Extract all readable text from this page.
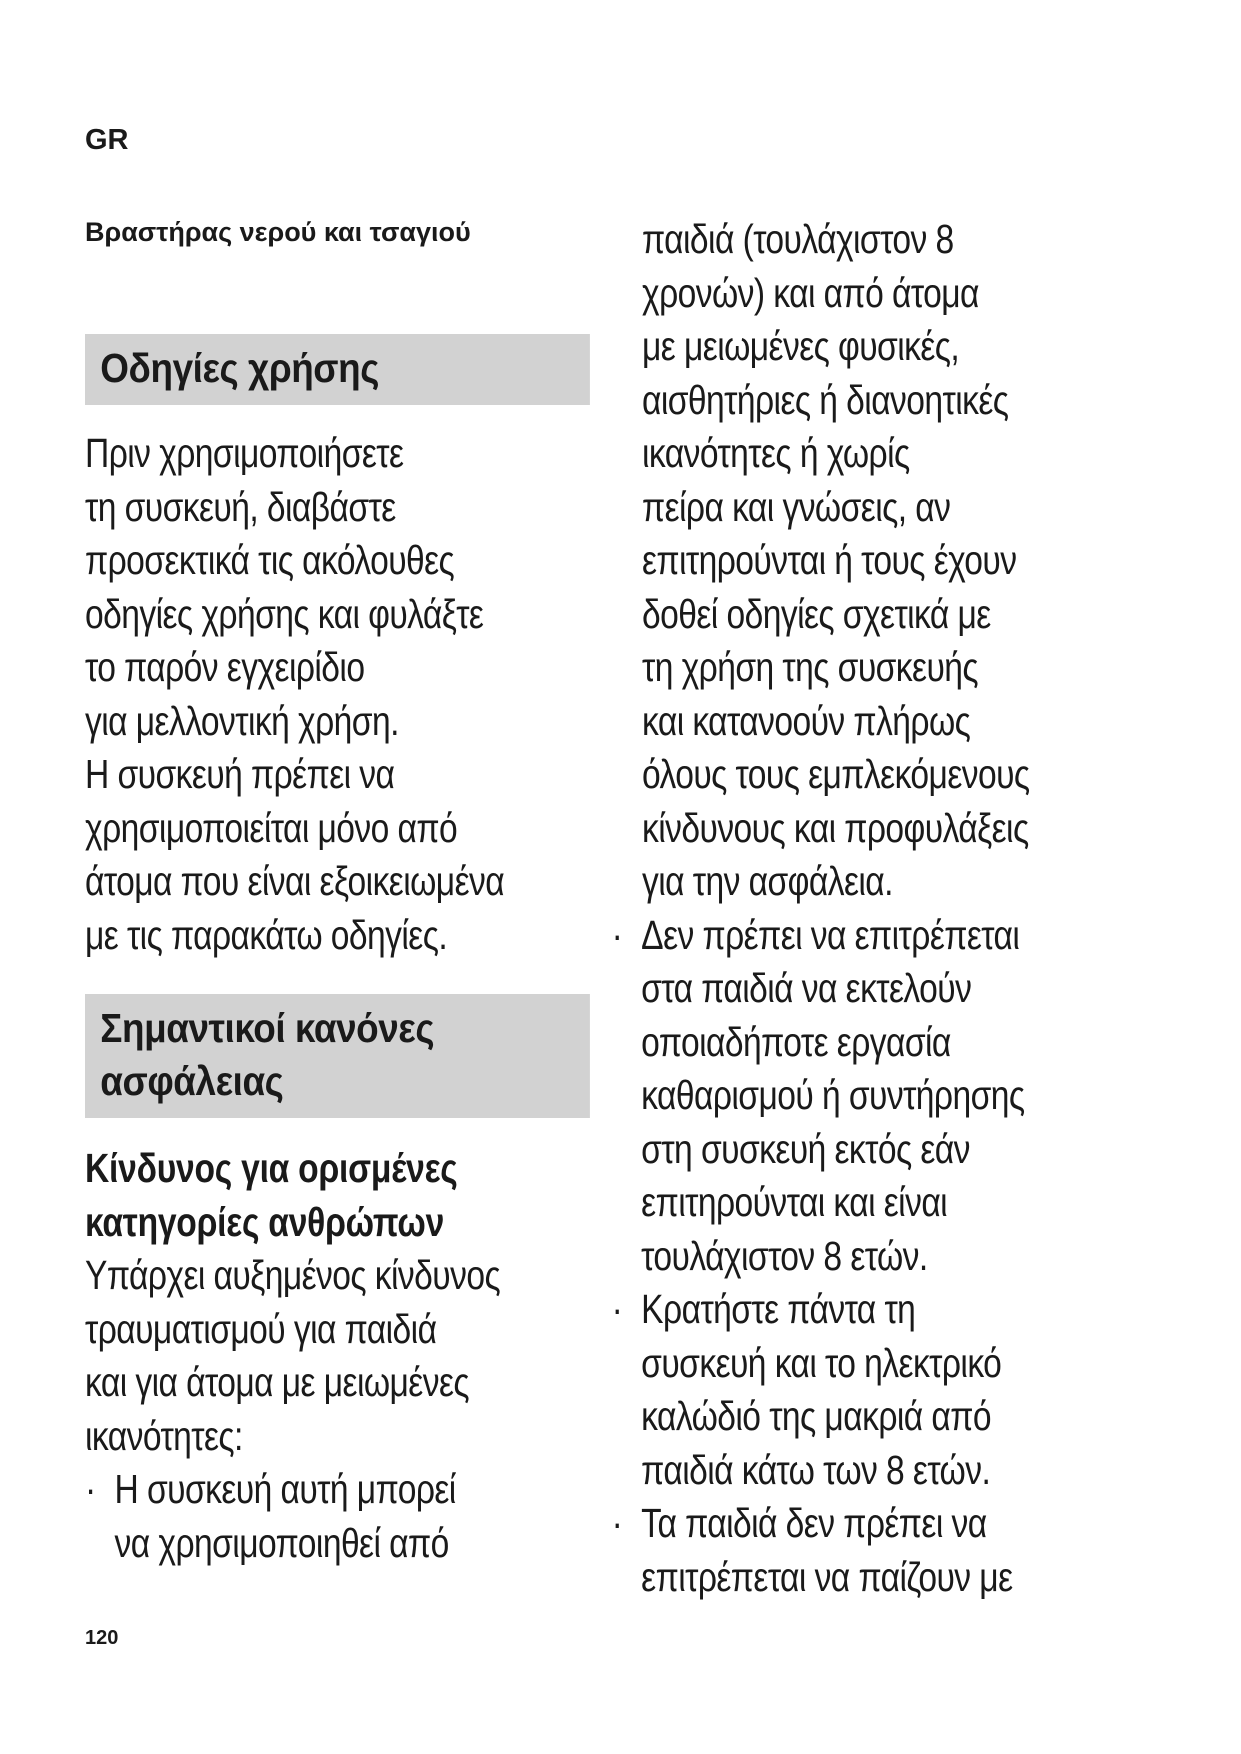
GR
Βραστήρας νερού και τσαγιού
Οδηγίες χρήσης
Πριν χρησιμοποιήσετε
τη συσκευή, διαβάστε
προσεκτικά τις ακόλουθες
οδηγίες χρήσης και φυλάξτε
το παρόν εγχειρίδιο
για μελλοντική χρήση.
Η συσκευή πρέπει να
χρησιμοποιείται μόνο από
άτομα που είναι εξοικειωμένα
με τις παρακάτω οδηγίες.
Σημαντικοί κανόνες
ασφάλειας
Κίνδυνος για ορισμένες
κατηγορίες ανθρώπων
Υπάρχει αυξημένος κίνδυνος
τραυματισμού για παιδιά
και για άτομα με μειωμένες
ικανότητες:
· Η συσκευή αυτή μπορεί
να χρησιμοποιηθεί από
παιδιά (τουλάχιστον 8
χρονών) και από άτομα
με μειωμένες φυσικές,
αισθητήριες ή διανοητικές
ικανότητες ή χωρίς
πείρα και γνώσεις, αν
επιτηρούνται ή τους έχουν
δοθεί οδηγίες σχετικά με
τη χρήση της συσκευής
και κατανοούν πλήρως
όλους τους εμπλεκόμενους
κίνδυνους και προφυλάξεις
για την ασφάλεια.
· Δεν πρέπει να επιτρέπεται
στα παιδιά να εκτελούν
οποιαδήποτε εργασία
καθαρισμού ή συντήρησης
στη συσκευή εκτός εάν
επιτηρούνται και είναι
τουλάχιστον 8 ετών.
· Κρατήστε πάντα τη
συσκευή και το ηλεκτρικό
καλώδιό της μακριά από
παιδιά κάτω των 8 ετών.
· Τα παιδιά δεν πρέπει να
επιτρέπεται να παίζουν με
120
